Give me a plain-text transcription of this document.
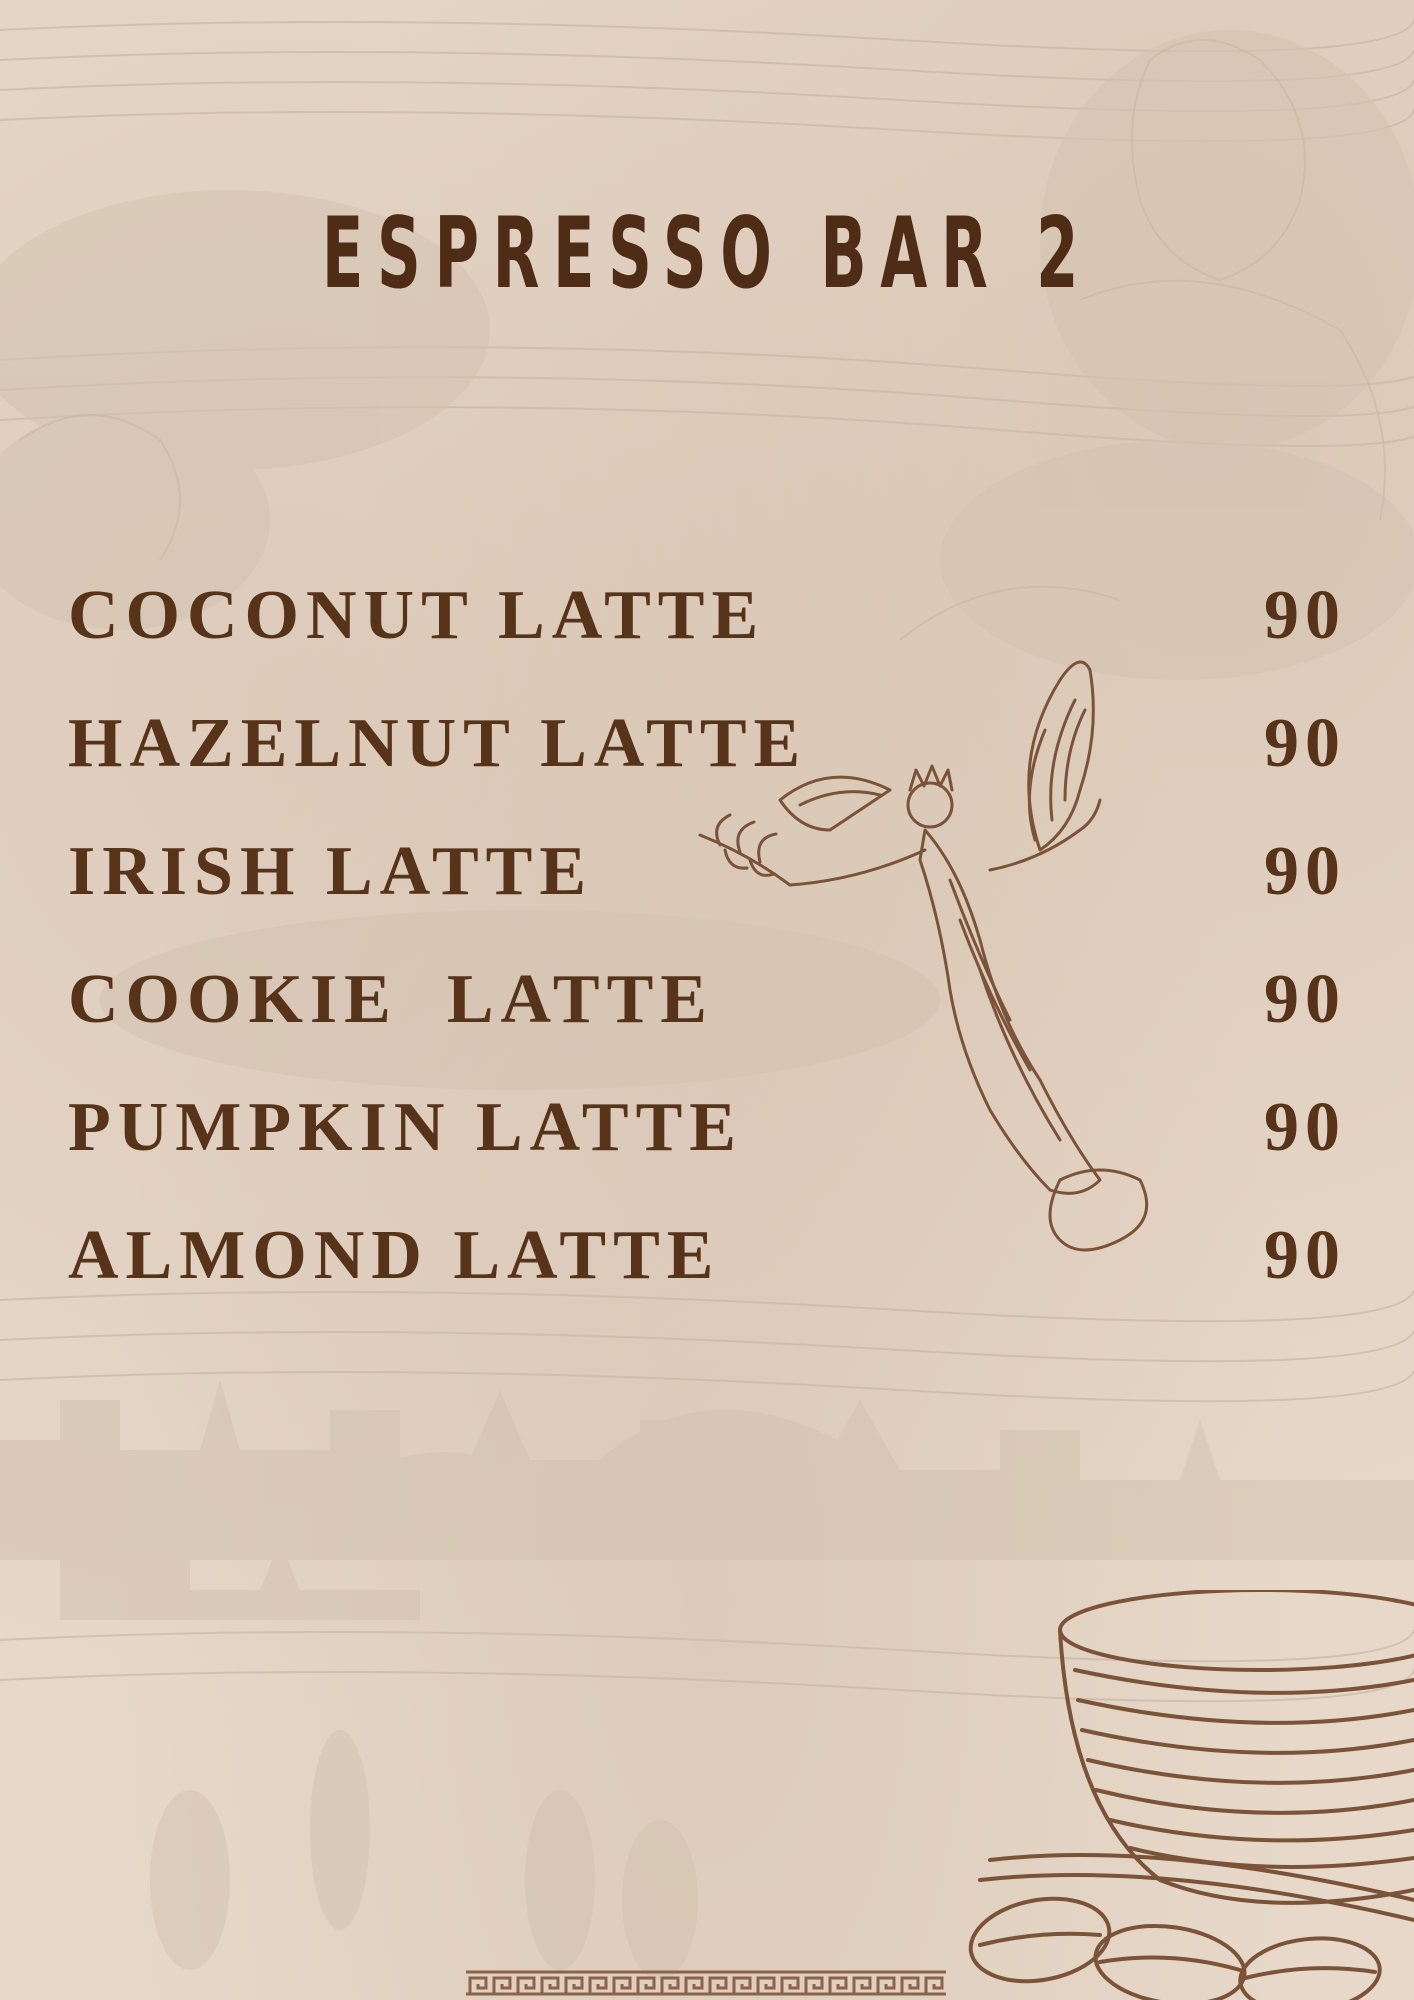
ESPRESSO BAR 2
COCONUT LATTE	90
HAZELNUT LATTE	90
IRISH LATTE	90
COOKIE  LATTE	90
PUMPKIN LATTE	90
ALMOND LATTE	90
